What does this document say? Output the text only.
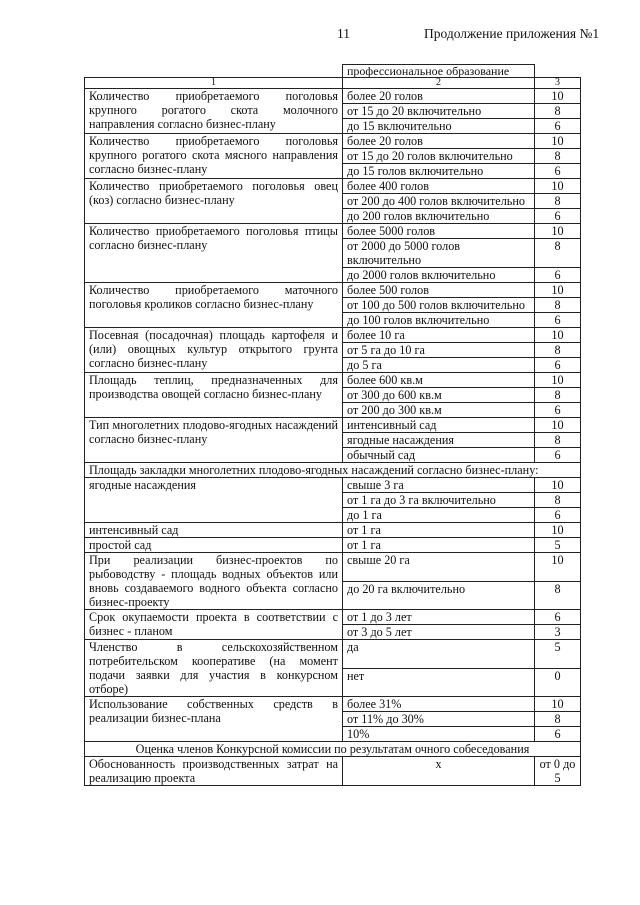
11	Продолжение приложения №1
	профессиональное образование	
1	2	3
Количество приобретаемого поголовья крупного рогатого скота молочного направления согласно бизнес-плану	более 20 голов	10
	от 15 до 20 включительно	8
	до 15 включительно	6
Количество приобретаемого поголовья крупного рогатого скота мясного направления согласно бизнес-плану	более 20 голов	10
	от 15 до 20 голов включительно	8
	до 15 голов включительно	6
Количество приобретаемого поголовья овец (коз) согласно бизнес-плану	более 400 голов	10
	от 200 до 400 голов включительно	8
	до 200 голов включительно	6
Количество приобретаемого поголовья птицы согласно бизнес-плану	более 5000 голов	10
	от 2000 до 5000 голов включительно	8
	до 2000 голов включительно	6
Количество приобретаемого маточного поголовья кроликов согласно бизнес-плану	более 500 голов	10
	от 100 до 500 голов включительно	8
	до 100 голов включительно	6
Посевная (посадочная) площадь картофеля и (или) овощных культур открытого грунта согласно бизнес-плану	более 10 га	10
	от 5 га до 10 га	8
	до 5 га	6
Площадь теплиц, предназначенных для производства овощей согласно бизнес-плану	более 600 кв.м	10
	от 300 до 600 кв.м	8
	от 200 до 300 кв.м	6
Тип многолетних плодово-ягодных насаждений согласно бизнес-плану	интенсивный сад	10
	ягодные насаждения	8
	обычный сад	6
Площадь закладки многолетних плодово-ягодных насаждений согласно бизнес-плану:		
ягодные насаждения	свыше 3 га	10
	от 1 га до 3 га включительно	8
	до 1 га	6
интенсивный сад	от 1 га	10
простой сад	от 1 га	5
При реализации бизнес-проектов по рыбоводству - площадь водных объектов или вновь создаваемого водного объекта согласно бизнес-проекту	свыше 20 га	10
	до 20 га включительно	8
Срок окупаемости проекта в соответствии с бизнес - планом	от 1 до 3 лет	6
	от 3 до 5 лет	3
Членство в сельскохозяйственном потребительском кооперативе (на момент подачи заявки для участия в конкурсном отборе)	да	5
	нет	0
Использование собственных средств в реализации бизнес-плана	более 31%	10
	от 11% до 30%	8
	10%	6
Оценка членов Конкурсной комиссии по результатам очного собеседования		
Обоснованность производственных затрат на реализацию проекта	x	от 0 до 5
